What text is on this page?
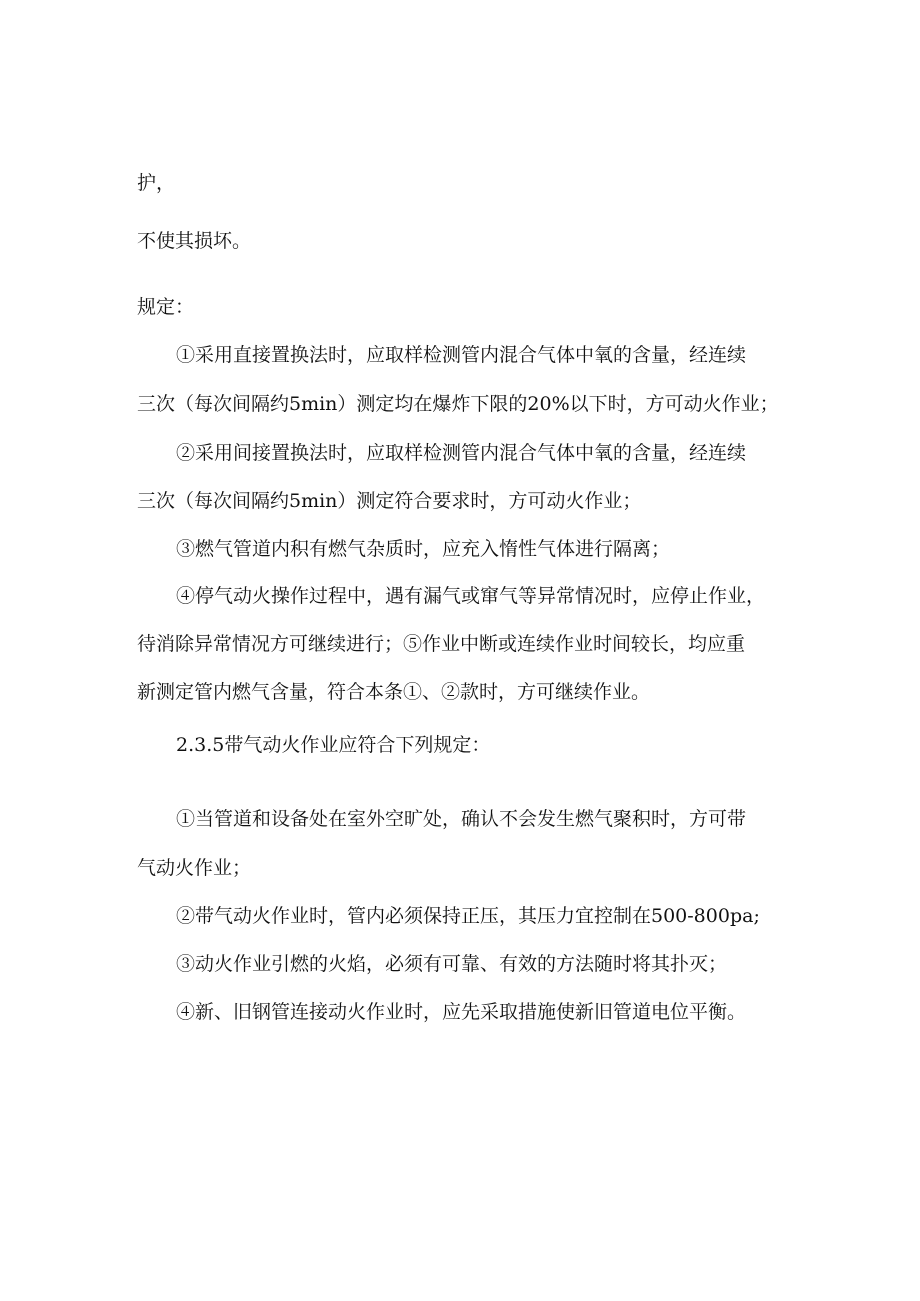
护，
不使其损坏。
规定：
①采用直接置换法时，应取样检测管内混合气体中氧的含量，经连续
三次（每次间隔约5min）测定均在爆炸下限的20%以下时，方可动火作业；
②采用间接置换法时，应取样检测管内混合气体中氧的含量，经连续
三次（每次间隔约5min）测定符合要求时，方可动火作业；
③燃气管道内积有燃气杂质时，应充入惰性气体进行隔离；
④停气动火操作过程中，遇有漏气或窜气等异常情况时，应停止作业，
待消除异常情况方可继续进行；⑤作业中断或连续作业时间较长，均应重
新测定管内燃气含量，符合本条①、②款时，方可继续作业。
2.3.5带气动火作业应符合下列规定：
①当管道和设备处在室外空旷处，确认不会发生燃气聚积时，方可带
气动火作业；
②带气动火作业时，管内必须保持正压，其压力宜控制在500-800pa;
③动火作业引燃的火焰，必须有可靠、有效的方法随时将其扑灭；
④新、旧钢管连接动火作业时，应先采取措施使新旧管道电位平衡。
